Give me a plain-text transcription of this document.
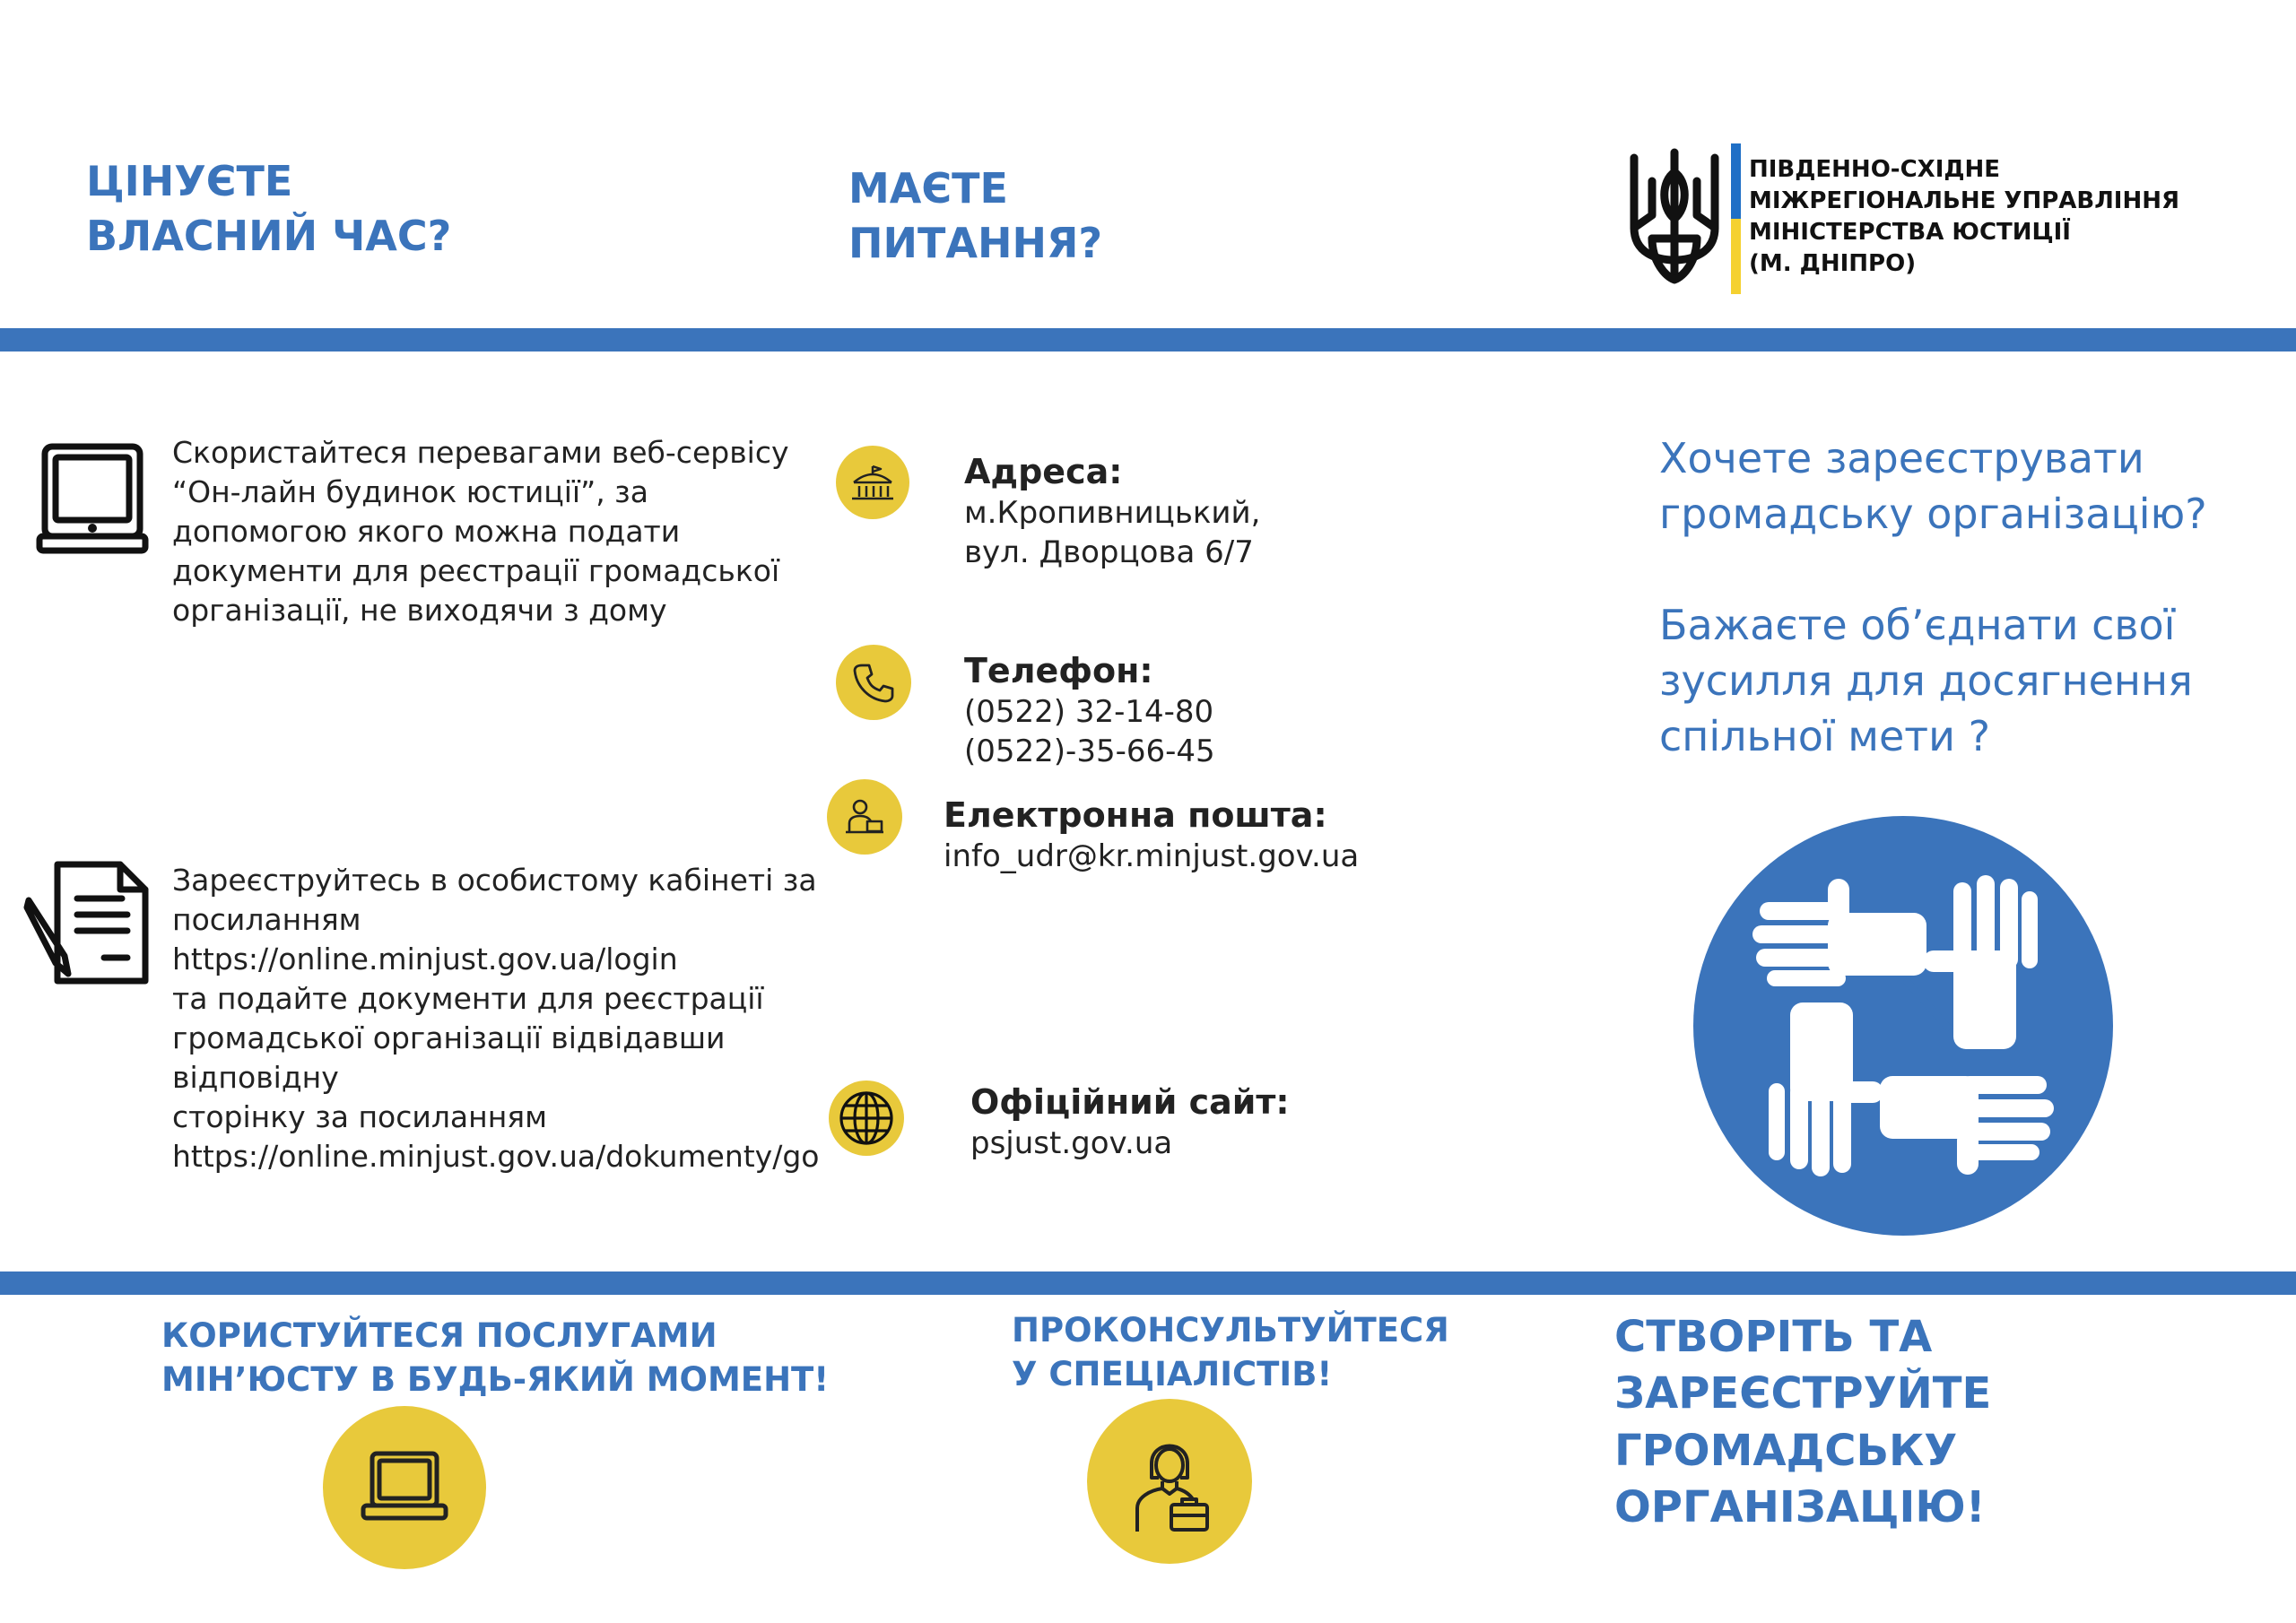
ЦІНУЄТЕ
ВЛАСНИЙ ЧАС?
МАЄТЕ
ПИТАННЯ?
ПІВДЕННО-СХІДНЕ
МІЖРЕГІОНАЛЬНЕ УПРАВЛІННЯ
МІНІСТЕРСТВА ЮСТИЦІЇ
(М. ДНІПРО)
Скористайтеся перевагами веб-сервісу
“Он-лайн будинок юстиції”, за
допомогою якого можна подати
документи для реєстрації громадської
організації, не виходячи з дому
Зареєструйтесь в особистому кабінеті за
посиланням
https://online.minjust.gov.ua/login
та подайте документи для реєстрації
громадської організації відвідавши
відповідну
сторінку за посиланням
https://online.minjust.gov.ua/dokumenty/go
Адреса:
м.Кропивницький,
вул. Дворцова 6/7
Телефон:
(0522) 32-14-80
(0522)-35-66-45
Електронна пошта:
info_udr@kr.minjust.gov.ua
Офіційний сайт:
psjust.gov.ua
Хочете зареєструвати
громадську організацію?
Бажаєте об’єднати свої
зусилля для досягнення
спільної мети ?
КОРИСТУЙТЕСЯ ПОСЛУГАМИ
МІН’ЮСТУ В БУДЬ-ЯКИЙ МОМЕНТ!
ПРОКОНСУЛЬТУЙТЕСЯ
У СПЕЦІАЛІСТІВ!
СТВОРІТЬ ТА ЗАРЕЄСТРУЙТЕ
ГРОМАДСЬКУ ОРГАНІЗАЦІЮ!
